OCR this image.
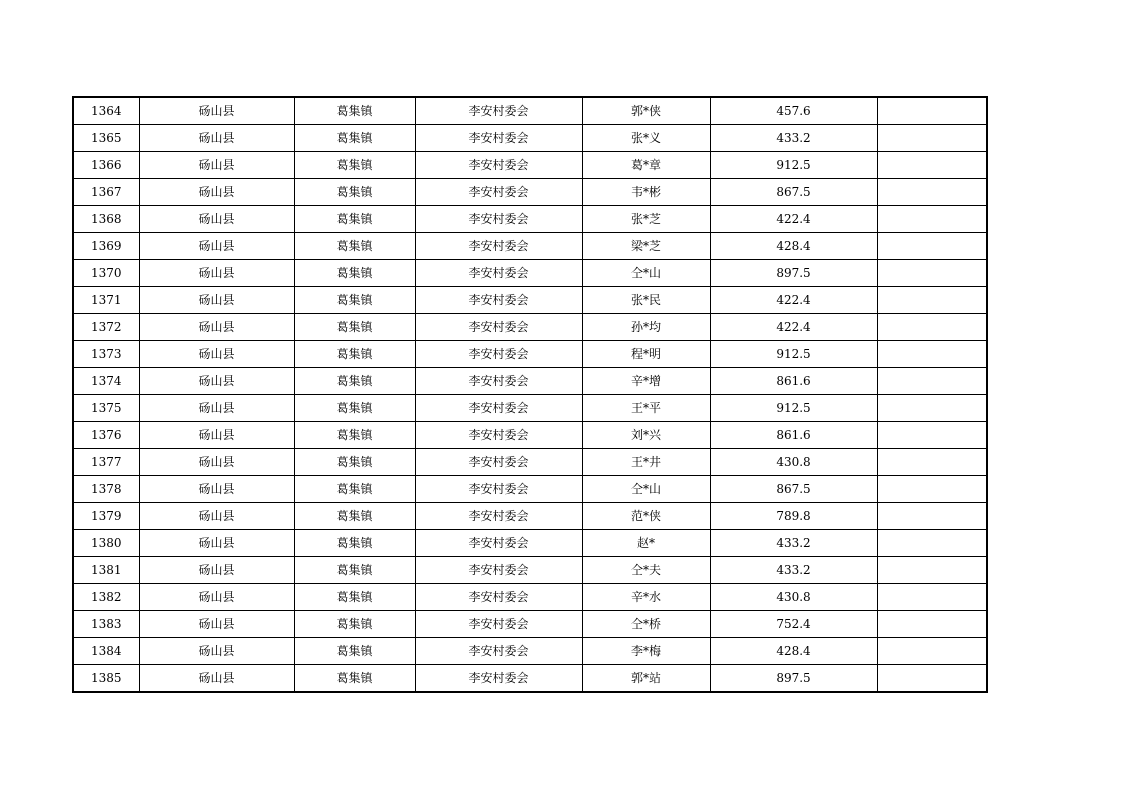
1364	砀山县	葛集镇	李安村委会	郭*侠	457.6	
1365	砀山县	葛集镇	李安村委会	张*义	433.2	
1366	砀山县	葛集镇	李安村委会	葛*章	912.5	
1367	砀山县	葛集镇	李安村委会	韦*彬	867.5	
1368	砀山县	葛集镇	李安村委会	张*芝	422.4	
1369	砀山县	葛集镇	李安村委会	梁*芝	428.4	
1370	砀山县	葛集镇	李安村委会	仝*山	897.5	
1371	砀山县	葛集镇	李安村委会	张*民	422.4	
1372	砀山县	葛集镇	李安村委会	孙*均	422.4	
1373	砀山县	葛集镇	李安村委会	程*明	912.5	
1374	砀山县	葛集镇	李安村委会	辛*增	861.6	
1375	砀山县	葛集镇	李安村委会	王*平	912.5	
1376	砀山县	葛集镇	李安村委会	刘*兴	861.6	
1377	砀山县	葛集镇	李安村委会	王*井	430.8	
1378	砀山县	葛集镇	李安村委会	仝*山	867.5	
1379	砀山县	葛集镇	李安村委会	范*侠	789.8	
1380	砀山县	葛集镇	李安村委会	赵*	433.2	
1381	砀山县	葛集镇	李安村委会	仝*夫	433.2	
1382	砀山县	葛集镇	李安村委会	辛*水	430.8	
1383	砀山县	葛集镇	李安村委会	仝*桥	752.4	
1384	砀山县	葛集镇	李安村委会	李*梅	428.4	
1385	砀山县	葛集镇	李安村委会	郭*站	897.5	
